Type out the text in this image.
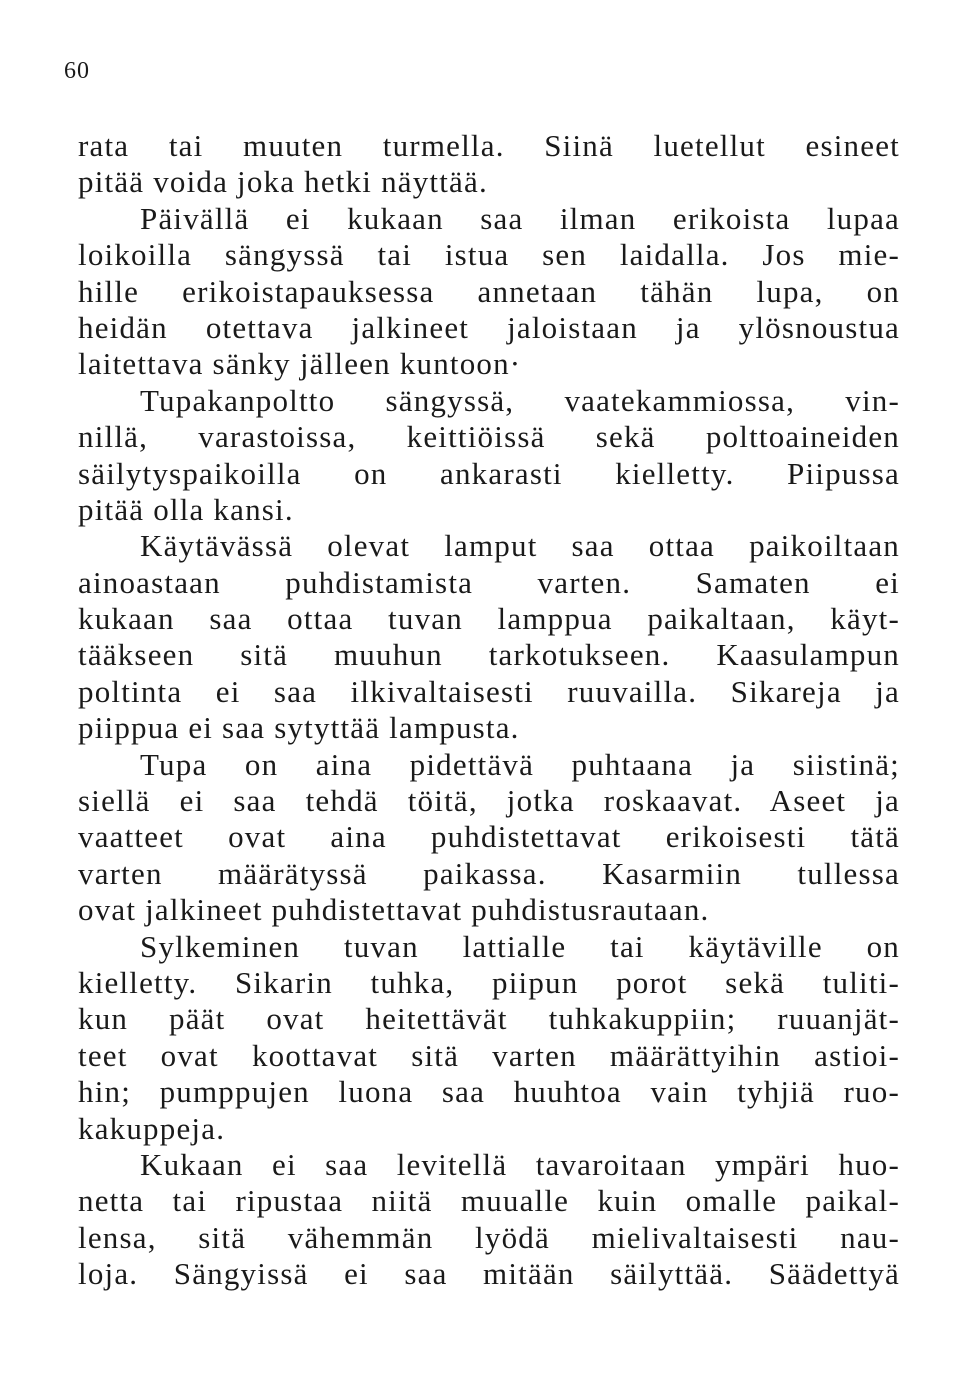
60
rata tai muuten turmella. Siinä luetellut esineet
pitää voida joka hetki näyttää.
Päivällä ei kukaan saa ilman erikoista lupaa
loikoilla sängyssä tai istua sen laidalla. Jos mie-
hille erikoistapauksessa annetaan tähän lupa, on
heidän otettava jalkineet jaloistaan ja ylösnoustua
laitettava sänky jälleen kuntoon·
Tupakanpoltto sängyssä, vaatekammiossa, vin-
nillä, varastoissa, keittiöissä sekä polttoaineiden
säilytyspaikoilla on ankarasti kielletty. Piipussa
pitää olla kansi.
Käytävässä olevat lamput saa ottaa paikoiltaan
ainoastaan puhdistamista varten. Samaten ei
kukaan saa ottaa tuvan lamppua paikaltaan, käyt-
tääkseen sitä muuhun tarkotukseen. Kaasulampun
poltinta ei saa ilkivaltaisesti ruuvailla. Sikareja ja
piippua ei saa sytyttää lampusta.
Tupa on aina pidettävä puhtaana ja siistinä;
siellä ei saa tehdä töitä, jotka roskaavat. Aseet ja
vaatteet ovat aina puhdistettavat erikoisesti tätä
varten määrätyssä paikassa. Kasarmiin tullessa
ovat jalkineet puhdistettavat puhdistusrautaan.
Sylkeminen tuvan lattialle tai käytäville on
kielletty. Sikarin tuhka, piipun porot sekä tuliti-
kun päät ovat heitettävät tuhkakuppiin; ruuanjät-
teet ovat koottavat sitä varten määrättyihin astioi-
hin; pumppujen luona saa huuhtoa vain tyhjiä ruo-
kakuppeja.
Kukaan ei saa levitellä tavaroitaan ympäri huo-
netta tai ripustaa niitä muualle kuin omalle paikal-
lensa, sitä vähemmän lyödä mielivaltaisesti nau-
loja. Sängyissä ei saa mitään säilyttää. Säädettyä
